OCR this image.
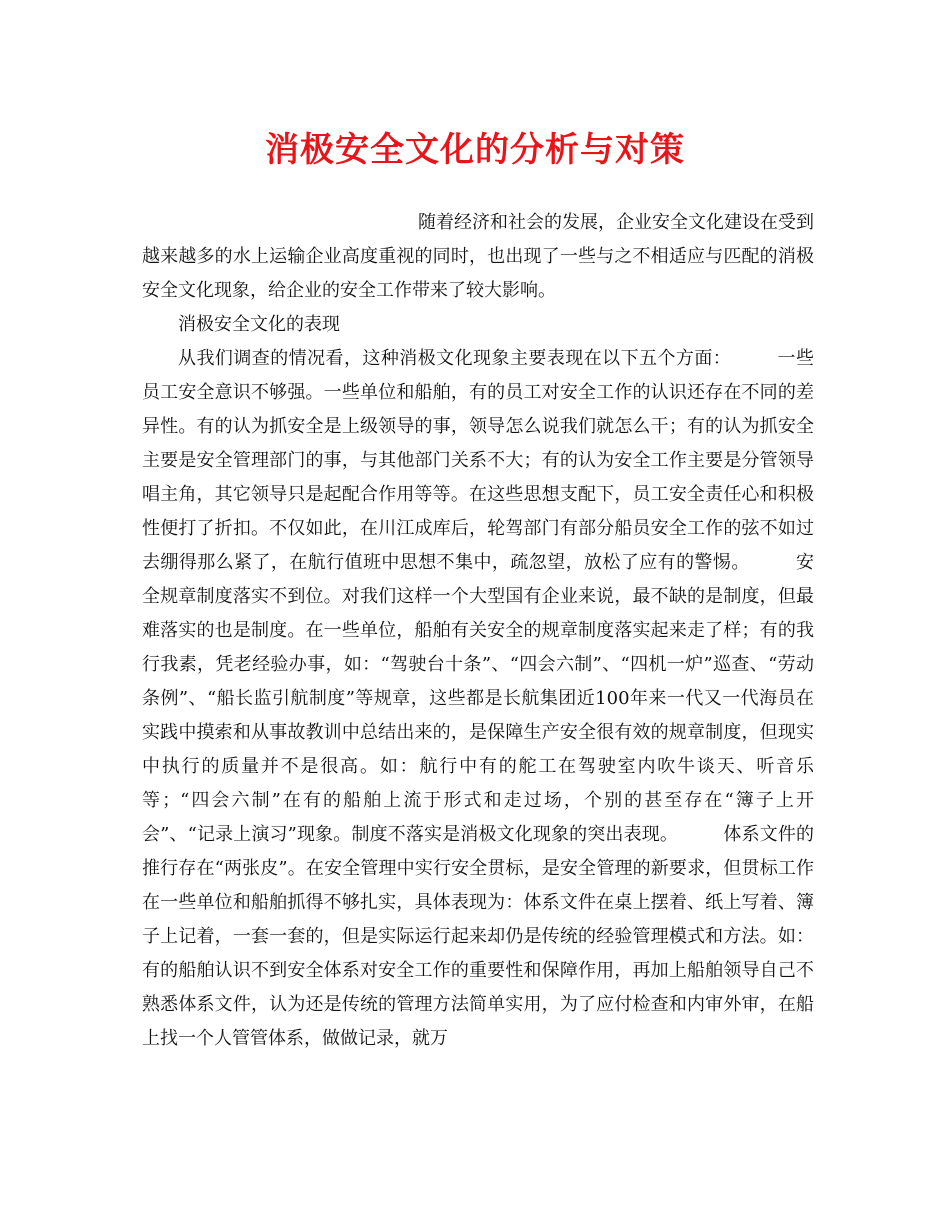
消极安全文化的分析与对策

随着经济和社会的发展，企业安全文化建设在受到越来越多的水上运输企业高度重视的同时，也出现了一些与之不相适应与匹配的消极安全文化现象，给企业的安全工作带来了较大影响。

消极安全文化的表现

从我们调查的情况看，这种消极文化现象主要表现在以下五个方面：　　　一些员工安全意识不够强。一些单位和船舶，有的员工对安全工作的认识还存在不同的差异性。有的认为抓安全是上级领导的事，领导怎么说我们就怎么干；有的认为抓安全主要是安全管理部门的事，与其他部门关系不大；有的认为安全工作主要是分管领导唱主角，其它领导只是起配合作用等等。在这些思想支配下，员工安全责任心和积极性便打了折扣。不仅如此，在川江成库后，轮驾部门有部分船员安全工作的弦不如过去绷得那么紧了，在航行值班中思想不集中，疏忽望，放松了应有的警惕。　　　安全规章制度落实不到位。对我们这样一个大型国有企业来说，最不缺的是制度，但最难落实的也是制度。在一些单位，船舶有关安全的规章制度落实起来走了样；有的我行我素，凭老经验办事，如：“驾驶台十条”、“四会六制”、“四机一炉”巡查、“劳动条例”、“船长监引航制度”等规章，这些都是长航集团近100年来一代又一代海员在实践中摸索和从事故教训中总结出来的，是保障生产安全很有效的规章制度，但现实中执行的质量并不是很高。如：航行中有的舵工在驾驶室内吹牛谈天、听音乐等；“四会六制”在有的船舶上流于形式和走过场，个别的甚至存在“簿子上开会”、“记录上演习”现象。制度不落实是消极文化现象的突出表现。　　　体系文件的推行存在“两张皮”。在安全管理中实行安全贯标，是安全管理的新要求，但贯标工作在一些单位和船舶抓得不够扎实，具体表现为：体系文件在桌上摆着、纸上写着、簿子上记着，一套一套的，但是实际运行起来却仍是传统的经验管理模式和方法。如：有的船舶认识不到安全体系对安全工作的重要性和保障作用，再加上船舶领导自己不熟悉体系文件，认为还是传统的管理方法简单实用，为了应付检查和内审外审，在船上找一个人管管体系，做做记录，就万
